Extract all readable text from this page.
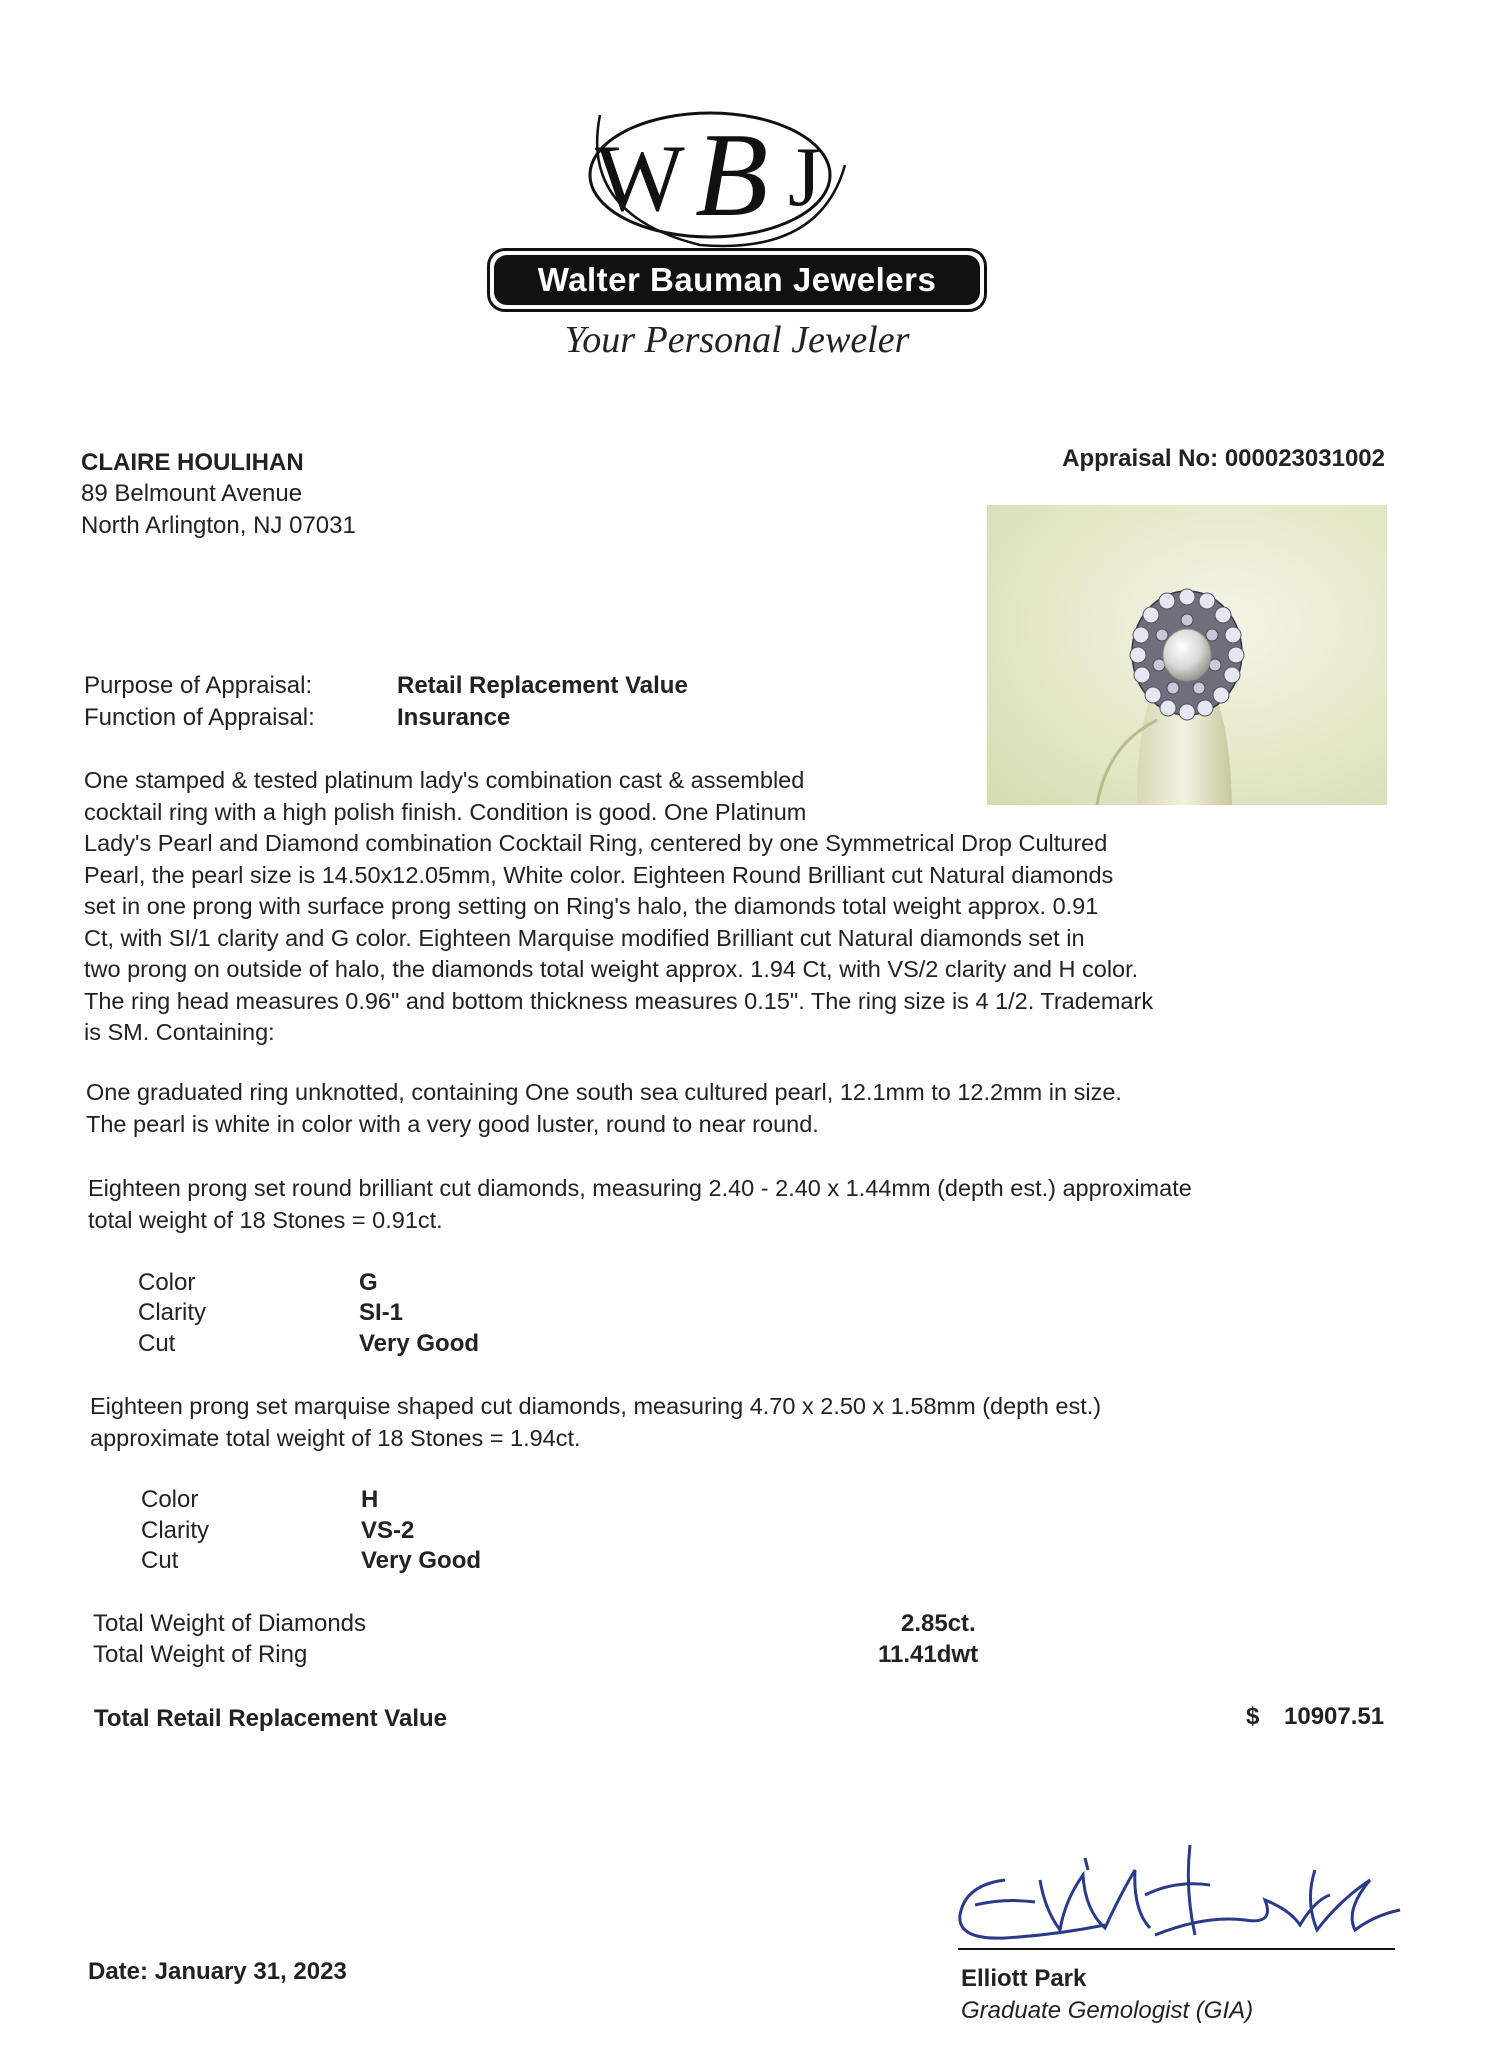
W B J
Walter Bauman Jewelers
Your Personal Jeweler
CLAIRE HOULIHAN
89 Belmount Avenue
North Arlington, NJ 07031
Appraisal No: 000023031002
Purpose of Appraisal:	Retail Replacement Value
Function of Appraisal:	Insurance
One stamped & tested platinum lady's combination cast & assembled
cocktail ring with a high polish finish. Condition is good. One Platinum
Lady's Pearl and Diamond combination Cocktail Ring, centered by one Symmetrical Drop Cultured
Pearl, the pearl size is 14.50x12.05mm, White color. Eighteen Round Brilliant cut Natural diamonds
set in one prong with surface prong setting on Ring's halo, the diamonds total weight approx. 0.91
Ct, with SI/1 clarity and G color. Eighteen Marquise modified Brilliant cut Natural diamonds set in
two prong on outside of halo, the diamonds total weight approx. 1.94 Ct, with VS/2 clarity and H color.
The ring head measures 0.96" and bottom thickness measures 0.15". The ring size is 4 1/2. Trademark
is SM. Containing:
One graduated ring unknotted, containing One south sea cultured pearl, 12.1mm to 12.2mm in size.
The pearl is white in color with a very good luster, round to near round.
Eighteen prong set round brilliant cut diamonds, measuring 2.40 - 2.40 x 1.44mm (depth est.) approximate
total weight of 18 Stones = 0.91ct.
Color	G
Clarity	SI-1
Cut	Very Good
Eighteen prong set marquise shaped cut diamonds, measuring 4.70 x 2.50 x 1.58mm (depth est.)
approximate total weight of 18 Stones = 1.94ct.
Color	H
Clarity	VS-2
Cut	Very Good
Total Weight of Diamonds	2.85ct.
Total Weight of Ring	11.41dwt
Total Retail Replacement Value	$ 10907.51
Date: January 31, 2023	Elliott Park
Graduate Gemologist (GIA)
